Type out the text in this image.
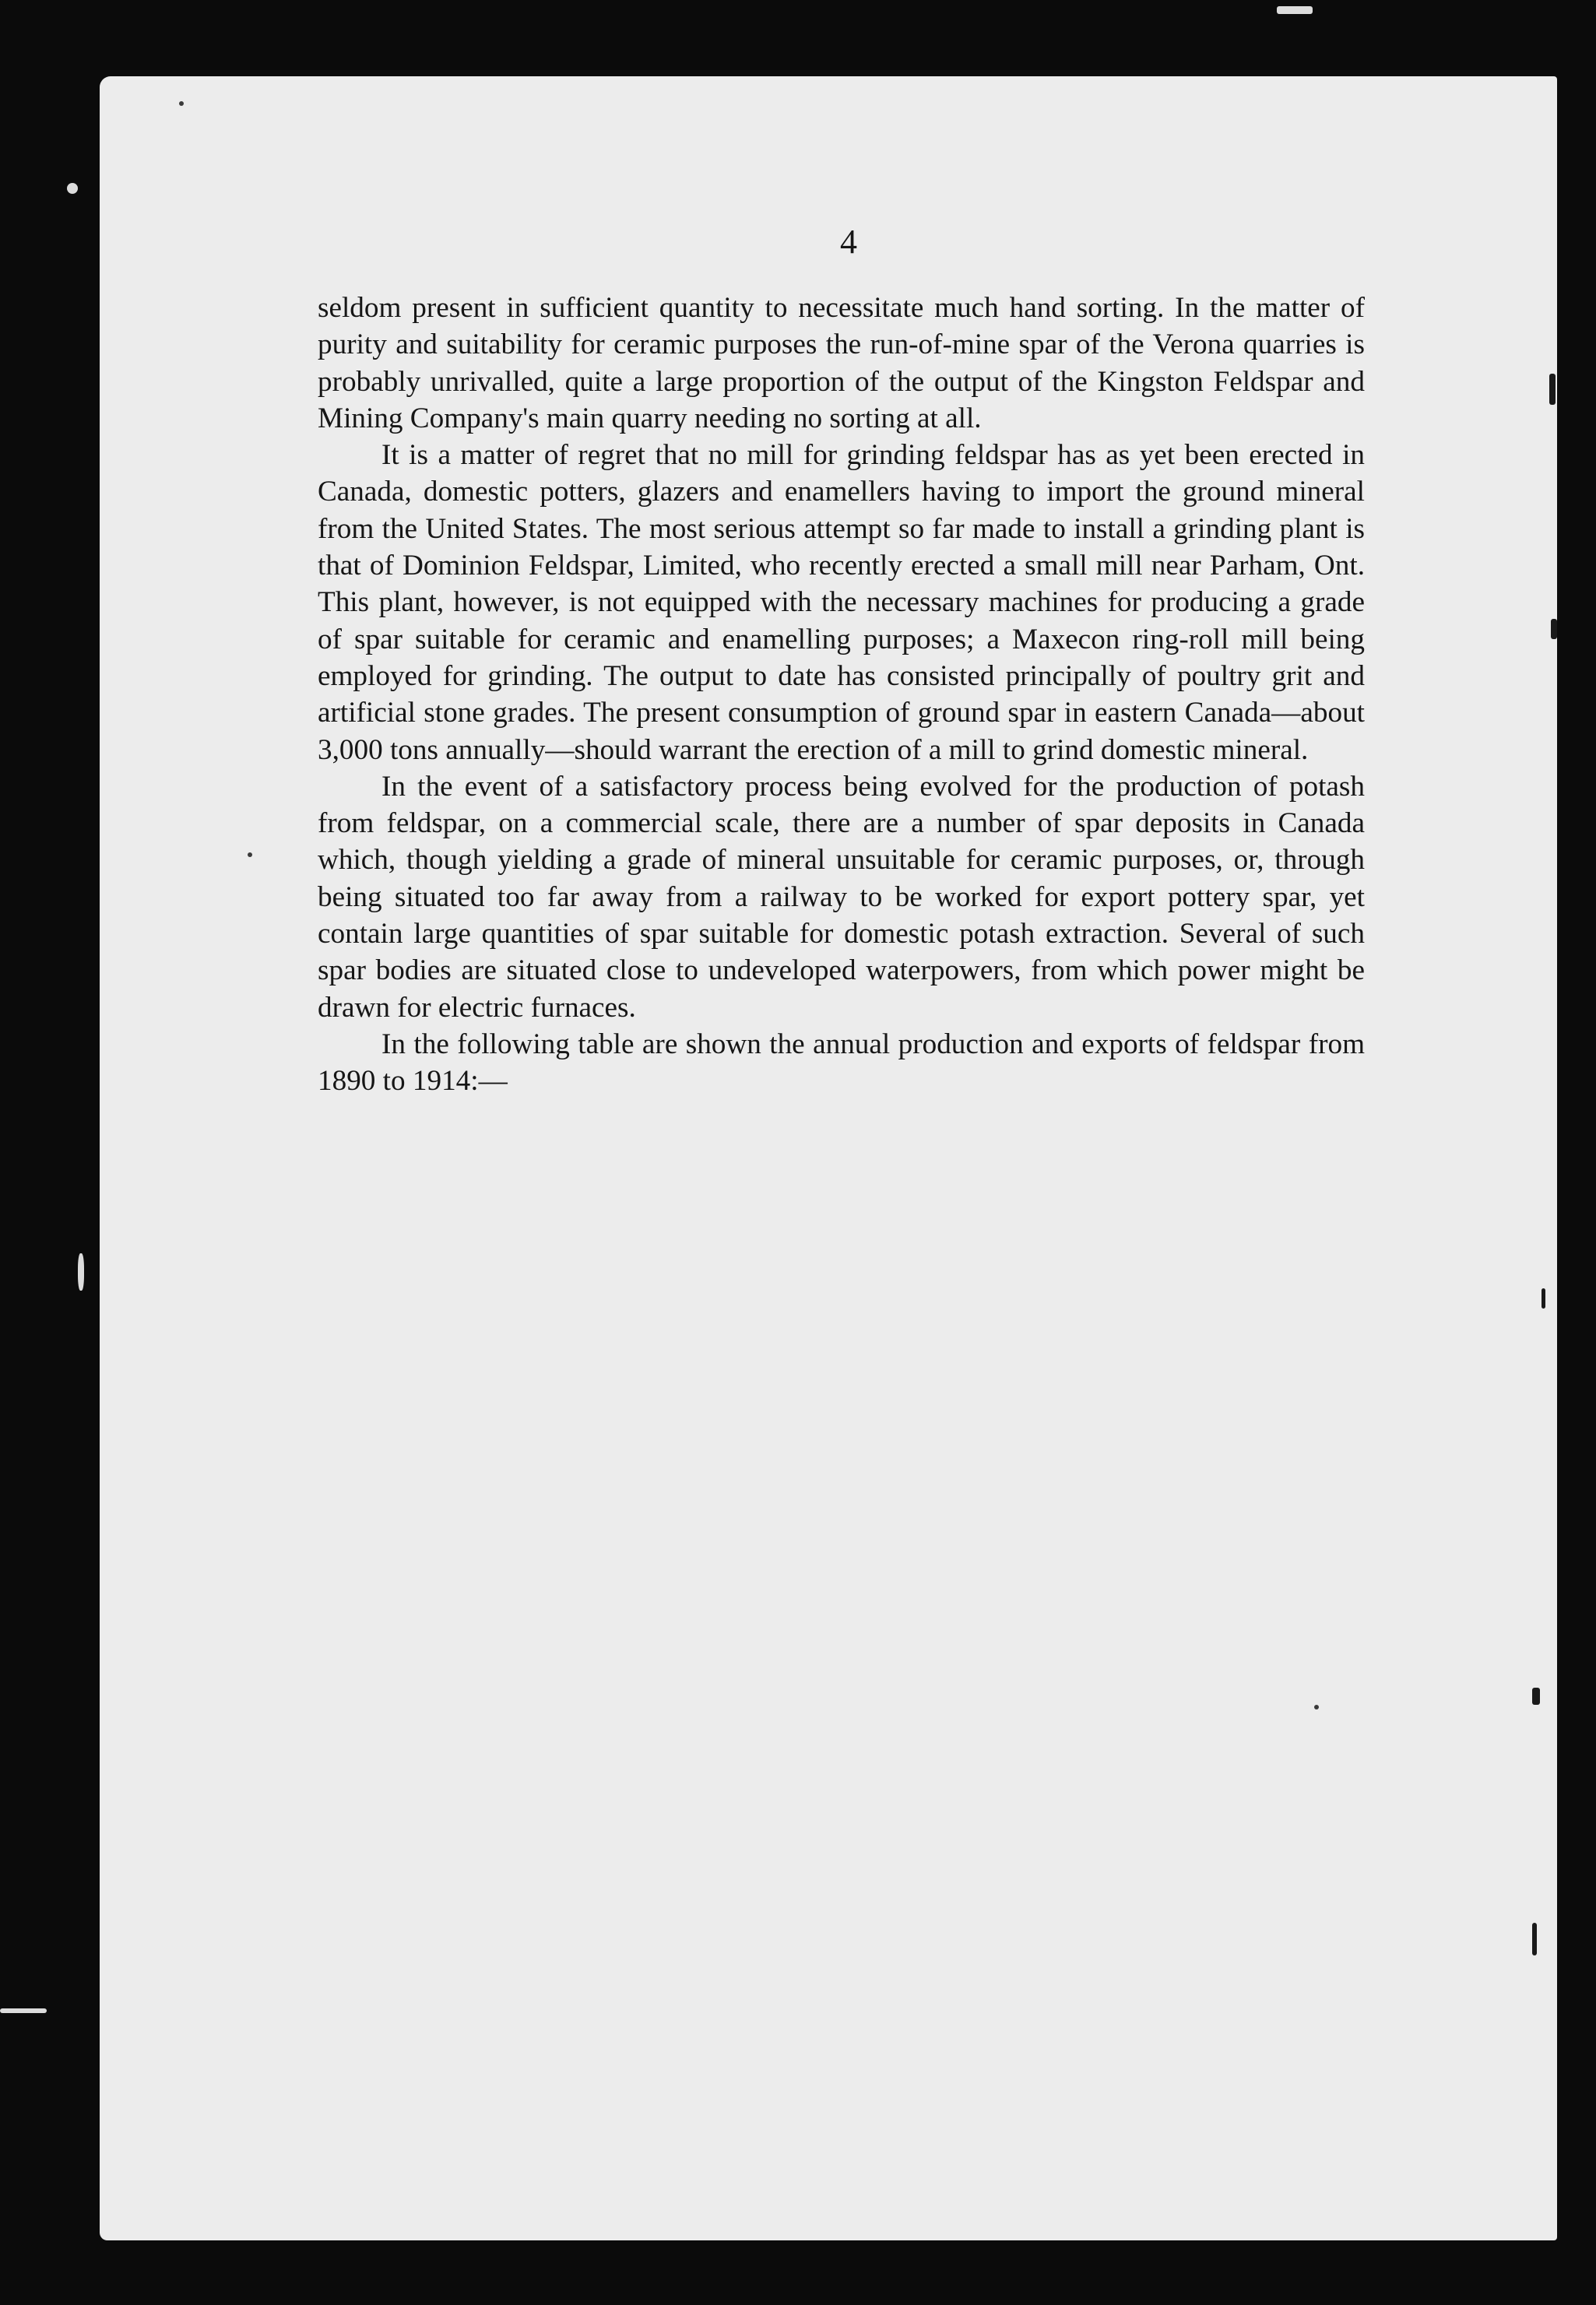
4

seldom present in sufficient quantity to necessitate much hand sorting. In the matter of purity and suitability for ceramic purposes the run-of-mine spar of the Verona quarries is probably unrivalled, quite a large proportion of the output of the Kingston Feldspar and Mining Company's main quarry needing no sorting at all.

It is a matter of regret that no mill for grinding feldspar has as yet been erected in Canada, domestic potters, glazers and enamellers having to import the ground mineral from the United States. The most serious attempt so far made to install a grinding plant is that of Dominion Feldspar, Limited, who recently erected a small mill near Parham, Ont. This plant, however, is not equipped with the necessary machines for producing a grade of spar suitable for ceramic and enamelling purposes; a Maxecon ring-roll mill being employed for grinding. The output to date has consisted principally of poultry grit and artificial stone grades. The present consumption of ground spar in eastern Canada—about 3,000 tons annually—should warrant the erection of a mill to grind domestic mineral.

In the event of a satisfactory process being evolved for the production of potash from feldspar, on a commercial scale, there are a number of spar deposits in Canada which, though yielding a grade of mineral unsuitable for ceramic purposes, or, through being situated too far away from a railway to be worked for export pottery spar, yet contain large quantities of spar suitable for domestic potash extraction. Several of such spar bodies are situated close to undeveloped waterpowers, from which power might be drawn for electric furnaces.

In the following table are shown the annual production and exports of feldspar from 1890 to 1914:—
